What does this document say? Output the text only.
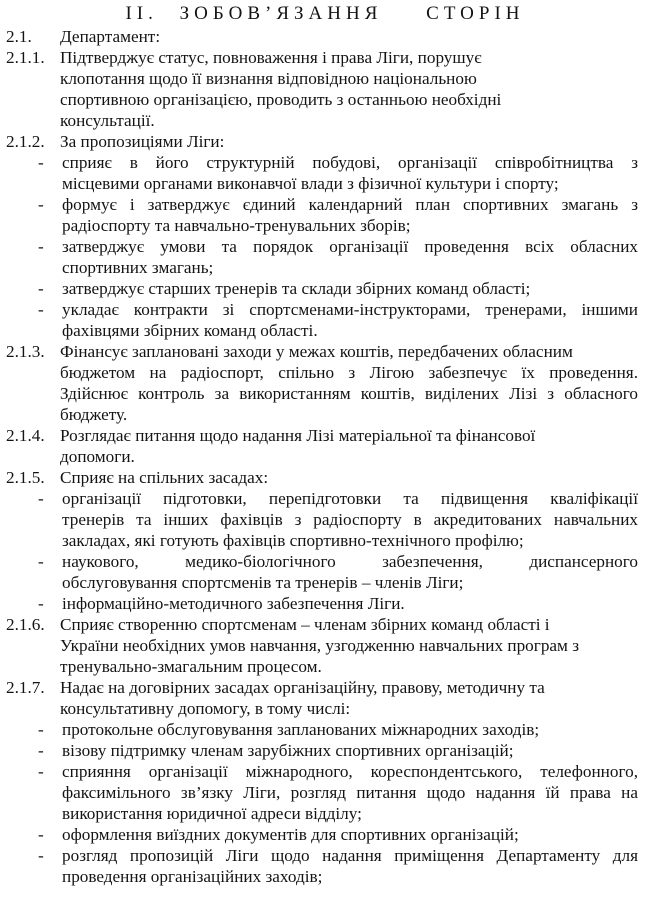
II. ЗОБОВ’ЯЗАННЯ СТОРІН
2.1. Департамент:
2.1.1. Підтверджує статус, повноваження і права Ліги, порушує
клопотання щодо її визнання відповідною національною
спортивною організацією, проводить з останньою необхідні
консультації.
2.1.2. За пропозиціями Ліги:
- сприяє в його структурній побудові, організації співробітництва з
місцевими органами виконавчої влади з фізичної культури і спорту;
- формує і затверджує єдиний календарний план спортивних змагань з
радіоспорту та навчально-тренувальних зборів;
- затверджує умови та порядок організації проведення всіх обласних
спортивних змагань;
- затверджує старших тренерів та склади збірних команд області;
- укладає контракти зі спортсменами-інструкторами, тренерами, іншими
фахівцями збірних команд області.
2.1.3. Фінансує заплановані заходи у межах коштів, передбачених обласним
бюджетом на радіоспорт, спільно з Лігою забезпечує їх проведення.
Здійснює контроль за використанням коштів, виділених Лізі з обласного
бюджету.
2.1.4. Розглядає питання щодо надання Лізі матеріальної та фінансової
допомоги.
2.1.5. Сприяє на спільних засадах:
- організації підготовки, перепідготовки та підвищення кваліфікації
тренерів та інших фахівців з радіоспорту в акредитованих навчальних
закладах, які готують фахівців спортивно-технічного профілю;
- наукового, медико-біологічного забезпечення, диспансерного
обслуговування спортсменів та тренерів – членів Ліги;
- інформаційно-методичного забезпечення Ліги.
2.1.6. Сприяє створенню спортсменам – членам збірних команд області і
України необхідних умов навчання, узгодженню навчальних програм з
тренувально-змагальним процесом.
2.1.7. Надає на договірних засадах організаційну, правову, методичну та
консультативну допомогу, в тому числі:
- протокольне обслуговування запланованих міжнародних заходів;
- візову підтримку членам зарубіжних спортивних організацій;
- сприяння організації міжнародного, кореспондентського, телефонного,
факсимільного зв’язку Ліги, розгляд питання щодо надання їй права на
використання юридичної адреси відділу;
- оформлення виїздних документів для спортивних організацій;
- розгляд пропозицій Ліги щодо надання приміщення Департаменту для
проведення організаційних заходів;
